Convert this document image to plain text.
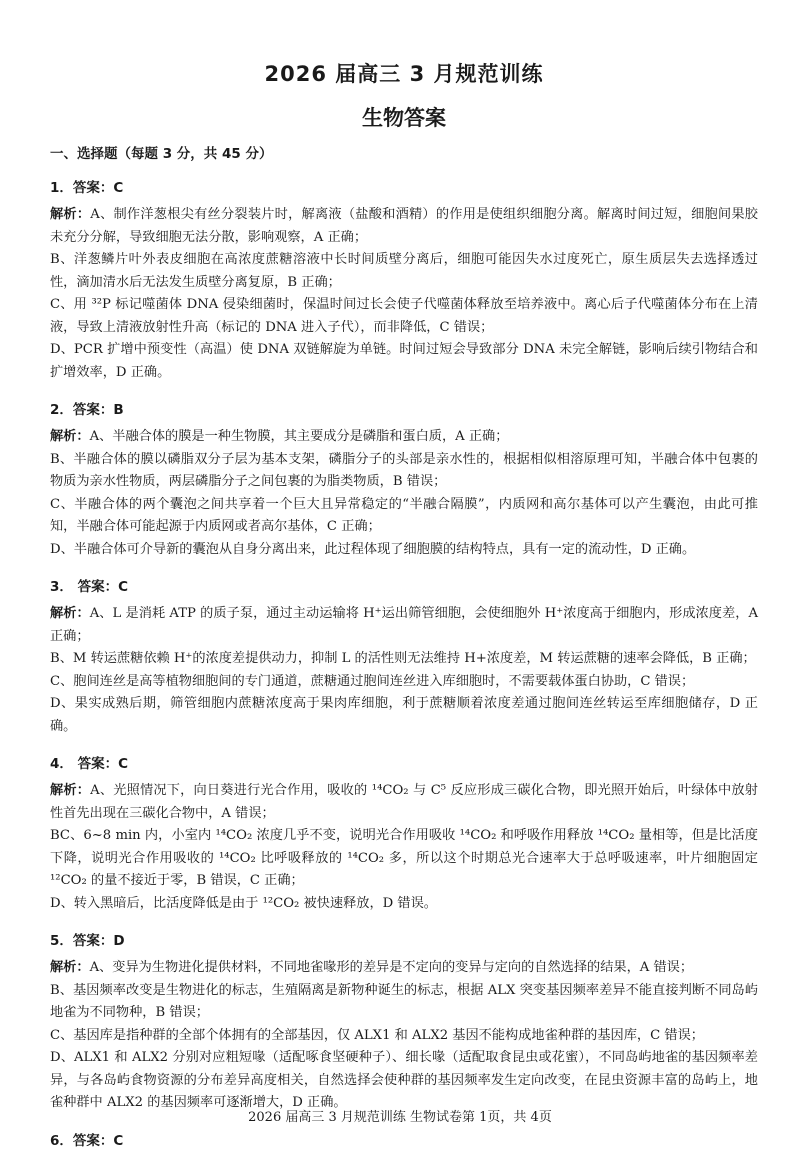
2026 届高三 3 月规范训练
生物答案
一、选择题（每题 3 分，共 45 分）
1．答案：C

解析：A、制作洋葱根尖有丝分裂装片时，解离液（盐酸和酒精）的作用是使组织细胞分离。解离时间过短，细胞间果胶未充分分解，导致细胞无法分散，影响观察，A 正确；

B、洋葱鳞片叶外表皮细胞在高浓度蔗糖溶液中长时间质壁分离后，细胞可能因失水过度死亡，原生质层失去选择透过性，滴加清水后无法发生质壁分离复原，B 正确；

C、用 ³²P 标记噬菌体 DNA 侵染细菌时，保温时间过长会使子代噬菌体释放至培养液中。离心后子代噬菌体分布在上清液，导致上清液放射性升高（标记的 DNA 进入子代），而非降低，C 错误；

D、PCR 扩增中预变性（高温）使 DNA 双链解旋为单链。时间过短会导致部分 DNA 未完全解链，影响后续引物结合和扩增效率，D 正确。

2．答案：B

解析：A、半融合体的膜是一种生物膜，其主要成分是磷脂和蛋白质，A 正确；

B、半融合体的膜以磷脂双分子层为基本支架，磷脂分子的头部是亲水性的，根据相似相溶原理可知，半融合体中包裹的物质为亲水性物质，两层磷脂分子之间包裹的为脂类物质，B 错误；

C、半融合体的两个囊泡之间共享着一个巨大且异常稳定的“半融合隔膜”，内质网和高尔基体可以产生囊泡，由此可推知，半融合体可能起源于内质网或者高尔基体，C 正确；

D、半融合体可介导新的囊泡从自身分离出来，此过程体现了细胞膜的结构特点，具有一定的流动性，D 正确。

3． 答案：C

解析：A、L 是消耗 ATP 的质子泵，通过主动运输将 H⁺运出筛管细胞，会使细胞外 H⁺浓度高于细胞内，形成浓度差，A 正确；

B、M 转运蔗糖依赖 H⁺的浓度差提供动力，抑制 L 的活性则无法维持 H+浓度差，M 转运蔗糖的速率会降低，B 正确；

C、胞间连丝是高等植物细胞间的专门通道，蔗糖通过胞间连丝进入库细胞时，不需要载体蛋白协助，C 错误；

D、果实成熟后期，筛管细胞内蔗糖浓度高于果肉库细胞，利于蔗糖顺着浓度差通过胞间连丝转运至库细胞储存，D 正确。

4． 答案：C

解析：A、光照情况下，向日葵进行光合作用，吸收的 ¹⁴CO₂ 与 C⁵ 反应形成三碳化合物，即光照开始后，叶绿体中放射性首先出现在三碳化合物中，A 错误；

BC、6~8 min 内，小室内 ¹⁴CO₂ 浓度几乎不变，说明光合作用吸收 ¹⁴CO₂ 和呼吸作用释放 ¹⁴CO₂ 量相等，但是比活度下降，说明光合作用吸收的 ¹⁴CO₂ 比呼吸释放的 ¹⁴CO₂ 多，所以这个时期总光合速率大于总呼吸速率，叶片细胞固定 ¹²CO₂ 的量不接近于零，B 错误，C 正确；

D、转入黑暗后，比活度降低是由于 ¹²CO₂ 被快速释放，D 错误。

5．答案：D

解析：A、变异为生物进化提供材料，不同地雀喙形的差异是不定向的变异与定向的自然选择的结果，A 错误；

B、基因频率改变是生物进化的标志，生殖隔离是新物种诞生的标志，根据 ALX 突变基因频率差异不能直接判断不同岛屿地雀为不同物种，B 错误；

C、基因库是指种群的全部个体拥有的全部基因，仅 ALX1 和 ALX2 基因不能构成地雀种群的基因库，C 错误；

D、ALX1 和 ALX2 分别对应粗短喙（适配啄食坚硬种子）、细长喙（适配取食昆虫或花蜜），不同岛屿地雀的基因频率差异，与各岛屿食物资源的分布差异高度相关，自然选择会使种群的基因频率发生定向改变，在昆虫资源丰富的岛屿上，地雀种群中 ALX2 的基因频率可逐渐增大，D 正确。

6．答案：C
2026 届高三 3 月规范训练 生物试卷第 1页，共 4页
